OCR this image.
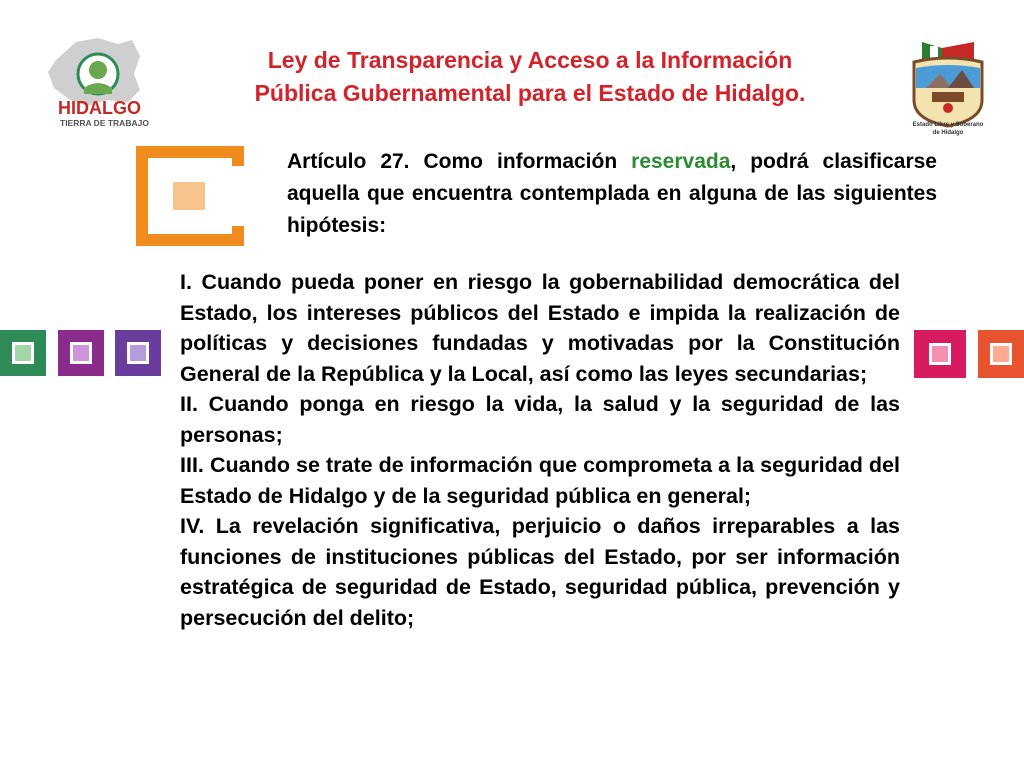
Ley de Transparencia y Acceso a la Información
Pública Gubernamental para el Estado de Hidalgo.
HIDALGO
TIERRA DE TRABAJO	Estado Libre y Soberano
de Hidalgo
Artículo 27. Como información reservada, podrá clasificarse aquella que encuentra contemplada en alguna de las siguientes hipótesis:

I. Cuando pueda poner en riesgo la gobernabilidad democrática del Estado, los intereses públicos del Estado e impida la realización de políticas y decisiones fundadas y motivadas por la Constitución General de la República y la Local, así como las leyes secundarias;

II. Cuando ponga en riesgo la vida, la salud y la seguridad de las personas;

III. Cuando se trate de información que comprometa a la seguridad del Estado de Hidalgo y de la seguridad pública en general;

IV. La revelación significativa, perjuicio o daños irreparables a las funciones de instituciones públicas del Estado, por ser información estratégica de seguridad de Estado, seguridad pública, prevención y persecución del delito;
